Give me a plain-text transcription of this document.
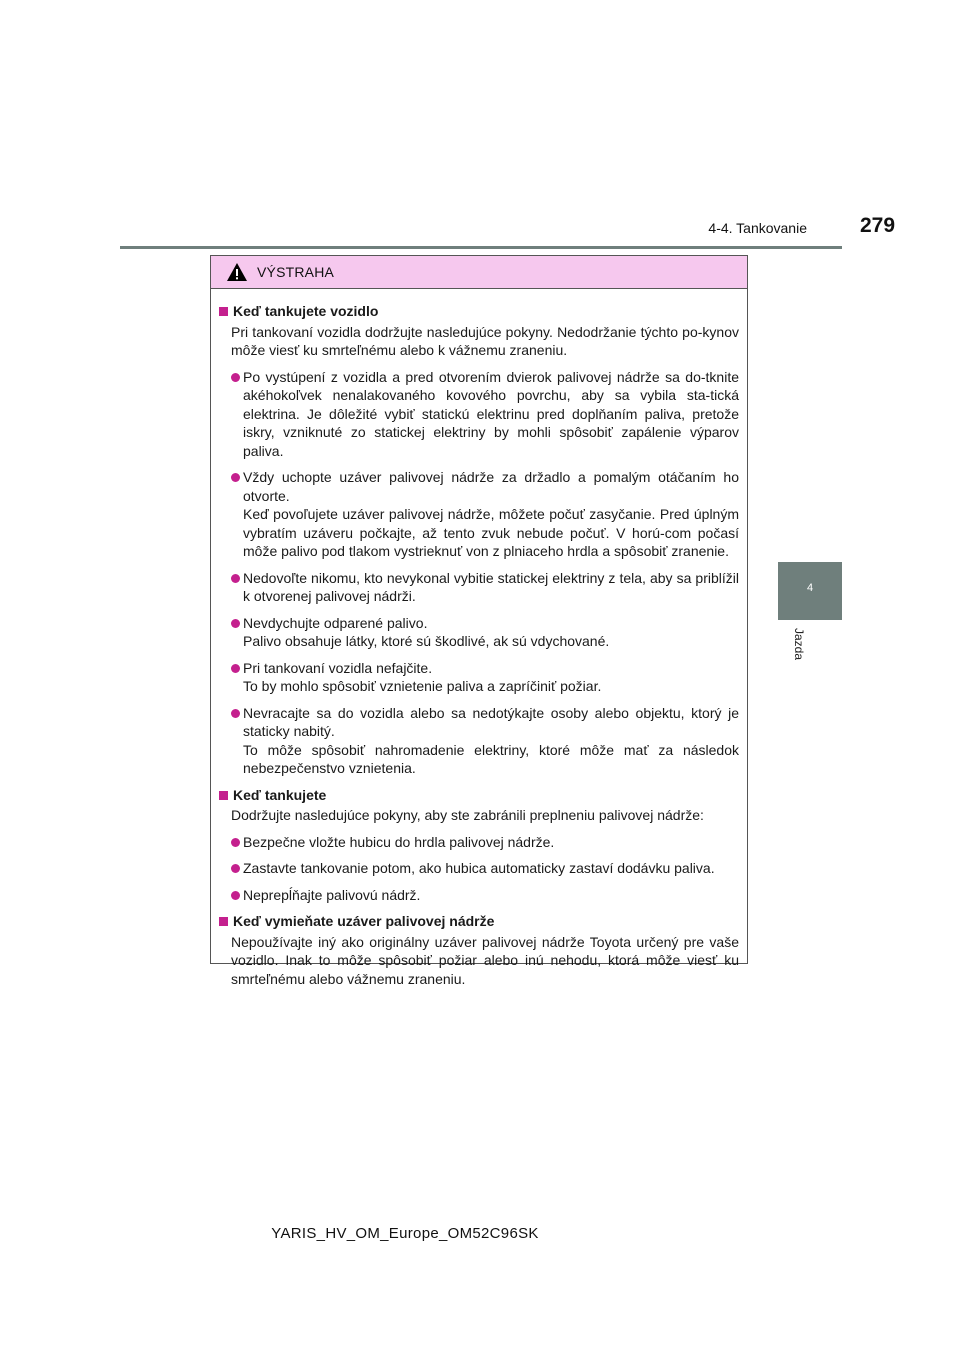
4-4. Tankovanie	279
4
Jazda
VÝSTRAHA
Keď tankujete vozidlo
Pri tankovaní vozidla dodržujte nasledujúce pokyny. Nedodržanie týchto po-kynov môže viesť ku smrteľnému alebo k vážnemu zraneniu.
Po vystúpení z vozidla a pred otvorením dvierok palivovej nádrže sa do-tknite akéhokoľvek nenalakovaného kovového povrchu, aby sa vybila sta-tická elektrina. Je dôležité vybiť statickú elektrinu pred doplňaním paliva, pretože iskry, vzniknuté zo statickej elektriny by mohli spôsobiť zapálenie výparov paliva.
Vždy uchopte uzáver palivovej nádrže za držadlo a pomalým otáčaním ho otvorte.
Keď povoľujete uzáver palivovej nádrže, môžete počuť zasyčanie. Pred úplným vybratím uzáveru počkajte, až tento zvuk nebude počuť. V horú-com počasí môže palivo pod tlakom vystrieknuť von z plniaceho hrdla a spôsobiť zranenie.
Nedovoľte nikomu, kto nevykonal vybitie statickej elektriny z tela, aby sa priblížil k otvorenej palivovej nádrži.
Nevdychujte odparené palivo.
Palivo obsahuje látky, ktoré sú škodlivé, ak sú vdychované.
Pri tankovaní vozidla nefajčite.
To by mohlo spôsobiť vznietenie paliva a zapríčiniť požiar.
Nevracajte sa do vozidla alebo sa nedotýkajte osoby alebo objektu, ktorý je staticky nabitý.
To môže spôsobiť nahromadenie elektriny, ktoré môže mať za následok nebezpečenstvo vznietenia.
Keď tankujete
Dodržujte nasledujúce pokyny, aby ste zabránili preplneniu palivovej nádrže:
Bezpečne vložte hubicu do hrdla palivovej nádrže.
Zastavte tankovanie potom, ako hubica automaticky zastaví dodávku paliva.
Neprepĺňajte palivovú nádrž.
Keď vymieňate uzáver palivovej nádrže
Nepoužívajte iný ako originálny uzáver palivovej nádrže Toyota určený pre vaše vozidlo. Inak to môže spôsobiť požiar alebo inú nehodu, ktorá môže viesť ku smrteľnému alebo vážnemu zraneniu.
YARIS_HV_OM_Europe_OM52C96SK
